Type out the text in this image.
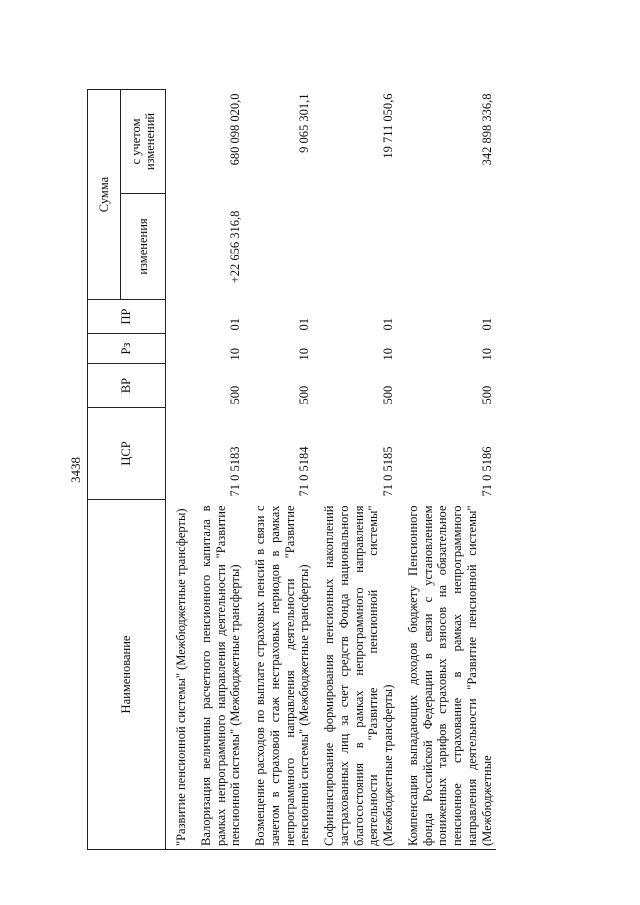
3438
Наименование	ЦСР	ВР	Рз	ПР	Сумма	
					изменения	с учетом изменений
"Развитие пенсионной системы" (Межбюджетные трансферты)						
Валоризация величины расчетного пенсионного капитала в рамках непрограммного направления деятельности "Развитие пенсионной системы" (Межбюджетные трансферты)	71 0 5183	500	10	01	+22 656 316,8	680 098 020,0
Возмещение расходов по выплате страховых пенсий в связи с зачетом в страховой стаж нестраховых периодов в рамках непрограммного направления деятельности "Развитие пенсионной системы" (Межбюджетные трансферты)	71 0 5184	500	10	01		9 065 301,1
Софинансирование формирования пенсионных накоплений застрахованных лиц за счет средств Фонда национального благосостояния в рамках непрограммного направления деятельности "Развитие пенсионной системы" (Межбюджетные трансферты)	71 0 5185	500	10	01		19 711 050,6
Компенсация выпадающих доходов бюджету Пенсионного фонда Российской Федерации в связи с установлением пониженных тарифов страховых взносов на обязательное пенсионное страхование в рамках непрограммного направления деятельности "Развитие пенсионной системы" (Межбюджетные	71 0 5186	500	10	01		342 898 336,8
